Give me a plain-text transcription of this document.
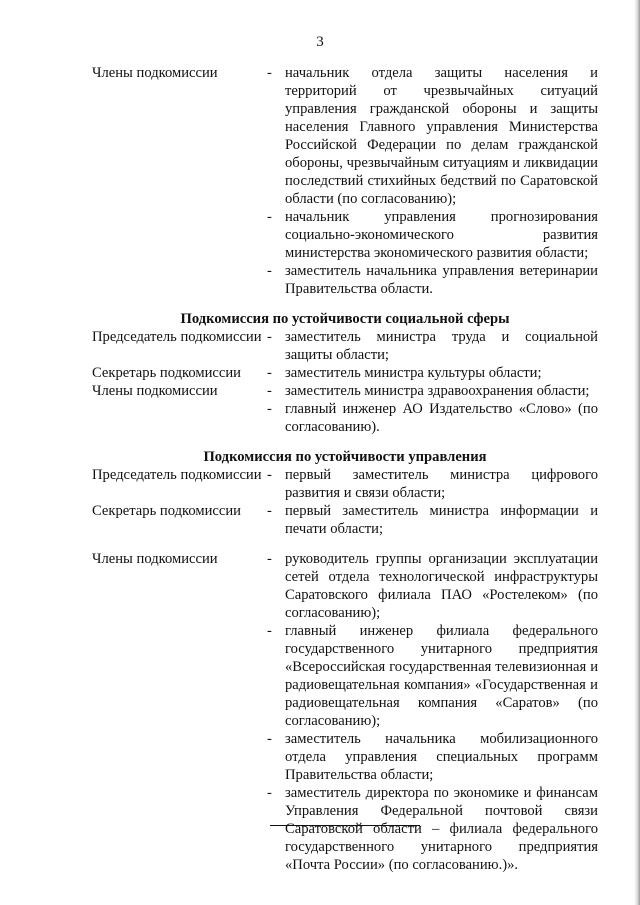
3
Члены подкомиссии	- начальник отдела защиты населения и территорий от чрезвычайных ситуаций управления гражданской обороны и защиты населения Главного управления Министерства Российской Федерации по делам гражданской обороны, чрезвычайным ситуациям и ликвидации последствий стихийных бедствий по Саратовской области (по согласованию);
- начальник управления прогнозирования социально-экономического развития министерства экономического развития области;
- заместитель начальника управления ветеринарии Правительства области.
Подкомиссия по устойчивости социальной сферы
Председатель подкомиссии - заместитель министра труда и социальной защиты области;
Секретарь подкомиссии	- заместитель министра культуры области;
Члены подкомиссии	- заместитель министра здравоохранения области;
- главный инженер АО Издательство «Слово» (по согласованию).
Подкомиссия по устойчивости управления
Председатель подкомиссии - первый заместитель министра цифрового развития и связи области;
Секретарь подкомиссии	- первый заместитель министра информации и печати области;
Члены подкомиссии	- руководитель группы организации эксплуатации сетей отдела технологической инфраструктуры Саратовского филиала ПАО «Ростелеком» (по согласованию);
- главный инженер филиала федерального государственного унитарного предприятия «Всероссийская государственная телевизионная и радиовещательная компания» «Государственная и радиовещательная компания «Саратов» (по согласованию);
- заместитель начальника мобилизационного отдела управления специальных программ Правительства области;
- заместитель директора по экономике и финансам Управления Федеральной почтовой связи Саратовской области – филиала федерального государственного унитарного предприятия «Почта России» (по согласованию.)».
